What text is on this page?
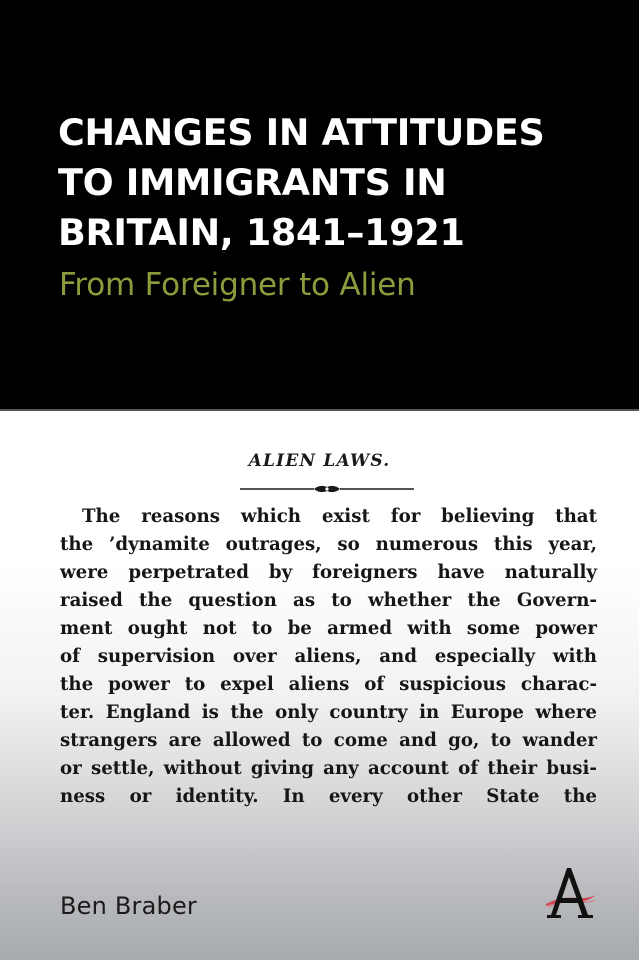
CHANGES IN ATTITUDES
TO IMMIGRANTS IN
BRITAIN, 1841–1921
From Foreigner to Alien
ALIEN LAWS.
The reasons which exist for believing that
the ’dynamite outrages, so numerous this year,
were perpetrated by foreigners have naturally
raised the question as to whether the Govern-
ment ought not to be armed with some power
of supervision over aliens, and especially with
the power to expel aliens of suspicious charac-
ter. England is the only country in Europe where
strangers are allowed to come and go, to wander
or settle, without giving any account of their busi-
ness or identity. In every other State the

Ben Braber
